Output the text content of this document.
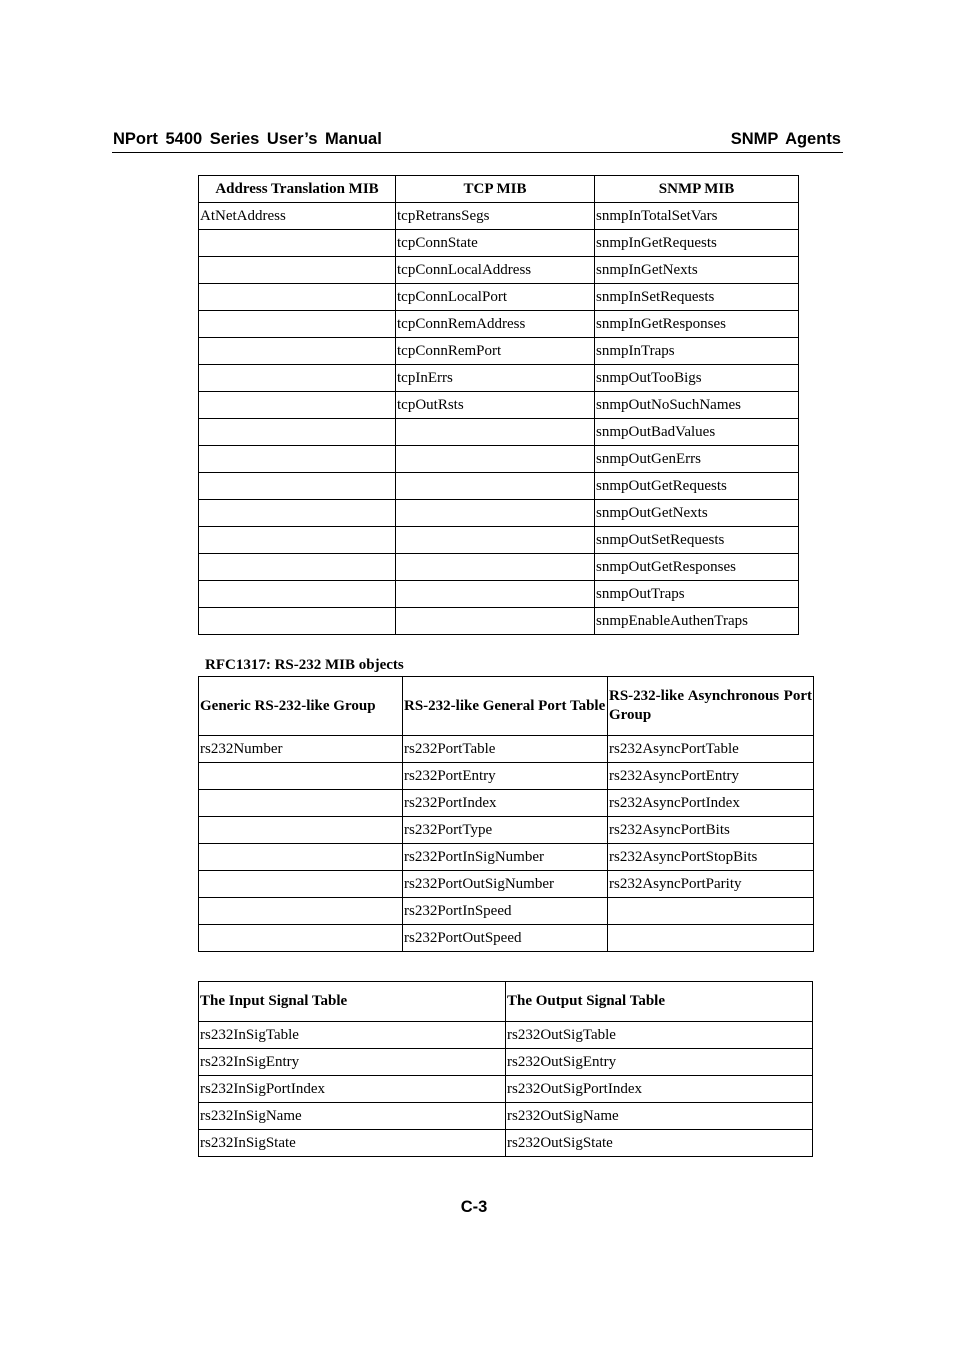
NPort 5400 Series User’s Manual	SNMP Agents
Address Translation MIB	TCP MIB	SNMP MIB
AtNetAddress	tcpRetransSegs	snmpInTotalSetVars
	tcpConnState	snmpInGetRequests
	tcpConnLocalAddress	snmpInGetNexts
	tcpConnLocalPort	snmpInSetRequests
	tcpConnRemAddress	snmpInGetResponses
	tcpConnRemPort	snmpInTraps
	tcpInErrs	snmpOutTooBigs
	tcpOutRsts	snmpOutNoSuchNames
		snmpOutBadValues
		snmpOutGenErrs
		snmpOutGetRequests
		snmpOutGetNexts
		snmpOutSetRequests
		snmpOutGetResponses
		snmpOutTraps
		snmpEnableAuthenTraps
RFC1317: RS-232 MIB objects
Generic RS-232-like Group	RS-232-like General Port Table	RS-232-like Asynchronous Port Group
rs232Number	rs232PortTable	rs232AsyncPortTable
	rs232PortEntry	rs232AsyncPortEntry
	rs232PortIndex	rs232AsyncPortIndex
	rs232PortType	rs232AsyncPortBits
	rs232PortInSigNumber	rs232AsyncPortStopBits
	rs232PortOutSigNumber	rs232AsyncPortParity
	rs232PortInSpeed	
	rs232PortOutSpeed	
The Input Signal Table	The Output Signal Table
rs232InSigTable	rs232OutSigTable
rs232InSigEntry	rs232OutSigEntry
rs232InSigPortIndex	rs232OutSigPortIndex
rs232InSigName	rs232OutSigName
rs232InSigState	rs232OutSigState
C-3
